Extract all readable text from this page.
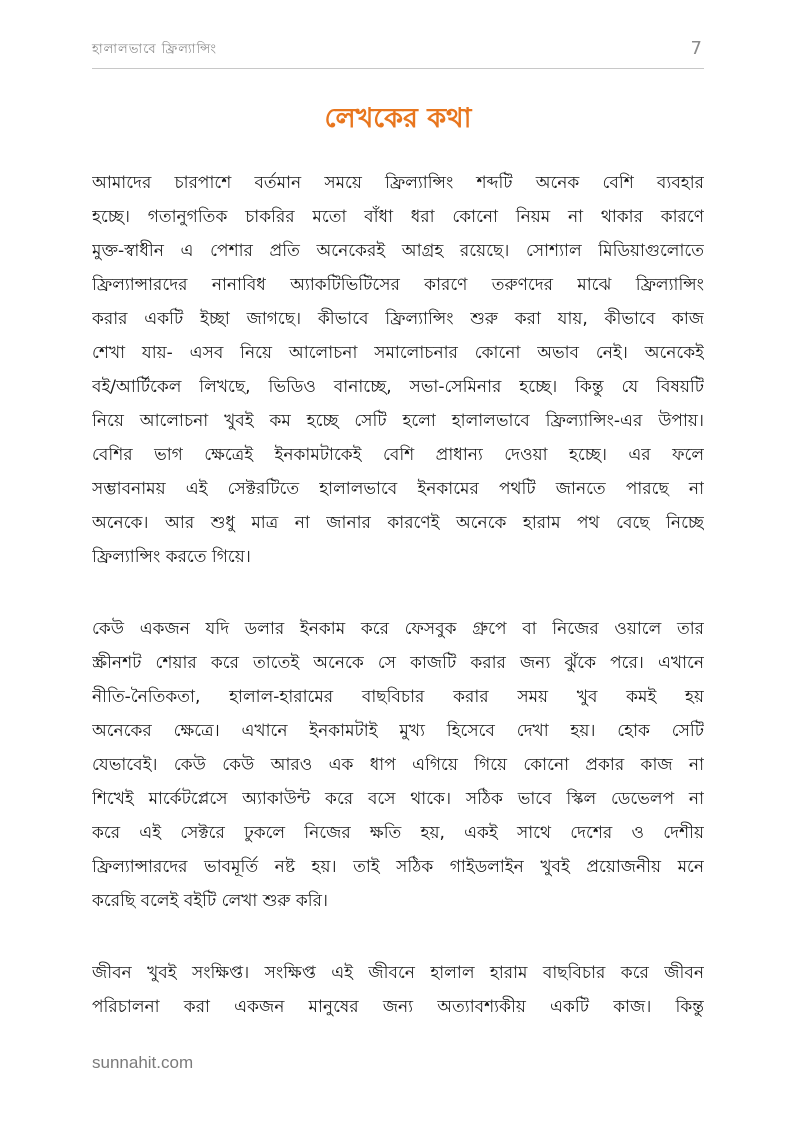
হালালভাবে ফ্রিল্যান্সিং	7
লেখকের কথা
আমাদের চারপাশে বর্তমান সময়ে ফ্রিল্যান্সিং শব্দটি অনেক বেশি ব্যবহার
হচ্ছে। গতানুগতিক চাকরির মতো বাঁধা ধরা কোনো নিয়ম না থাকার কারণে
মুক্ত-স্বাধীন এ পেশার প্রতি অনেকেরই আগ্রহ রয়েছে। সোশ্যাল মিডিয়াগুলোতে
ফ্রিল্যান্সারদের নানাবিধ অ্যাকটিভিটিসের কারণে তরুণদের মাঝে ফ্রিল্যান্সিং
করার একটি ইচ্ছা জাগছে। কীভাবে ফ্রিল্যান্সিং শুরু করা যায়, কীভাবে কাজ
শেখা যায়- এসব নিয়ে আলোচনা সমালোচনার কোনো অভাব নেই। অনেকেই
বই/আর্টিকেল লিখছে, ভিডিও বানাচ্ছে, সভা-সেমিনার হচ্ছে। কিন্তু যে বিষয়টি
নিয়ে আলোচনা খুবই কম হচ্ছে সেটি হলো হালালভাবে ফ্রিল্যান্সিং-এর উপায়।
বেশির ভাগ ক্ষেত্রেই ইনকামটাকেই বেশি প্রাধান্য দেওয়া হচ্ছে। এর ফলে
সম্ভাবনাময় এই সেক্টরটিতে হালালভাবে ইনকামের পথটি জানতে পারছে না
অনেকে। আর শুধু মাত্র না জানার কারণেই অনেকে হারাম পথ বেছে নিচ্ছে
ফ্রিল্যান্সিং করতে গিয়ে।
কেউ একজন যদি ডলার ইনকাম করে ফেসবুক গ্রুপে বা নিজের ওয়ালে তার
স্ক্রীনশট শেয়ার করে তাতেই অনেকে সে কাজটি করার জন্য ঝুঁকে পরে। এখানে
নীতি-নৈতিকতা, হালাল-হারামের বাছবিচার করার সময় খুব কমই হয়
অনেকের ক্ষেত্রে। এখানে ইনকামটাই মুখ্য হিসেবে দেখা হয়। হোক সেটি
যেভাবেই। কেউ কেউ আরও এক ধাপ এগিয়ে গিয়ে কোনো প্রকার কাজ না
শিখেই মার্কেটপ্লেসে অ্যাকাউন্ট করে বসে থাকে। সঠিক ভাবে স্কিল ডেভেলপ না
করে এই সেক্টরে ঢুকলে নিজের ক্ষতি হয়, একই সাথে দেশের ও দেশীয়
ফ্রিল্যান্সারদের ভাবমূর্তি নষ্ট হয়। তাই সঠিক গাইডলাইন খুবই প্রয়োজনীয় মনে
করেছি বলেই বইটি লেখা শুরু করি।
জীবন খুবই সংক্ষিপ্ত। সংক্ষিপ্ত এই জীবনে হালাল হারাম বাছবিচার করে জীবন
পরিচালনা করা একজন মানুষের জন্য অত্যাবশ্যকীয় একটি কাজ। কিন্তু
sunnahit.com
